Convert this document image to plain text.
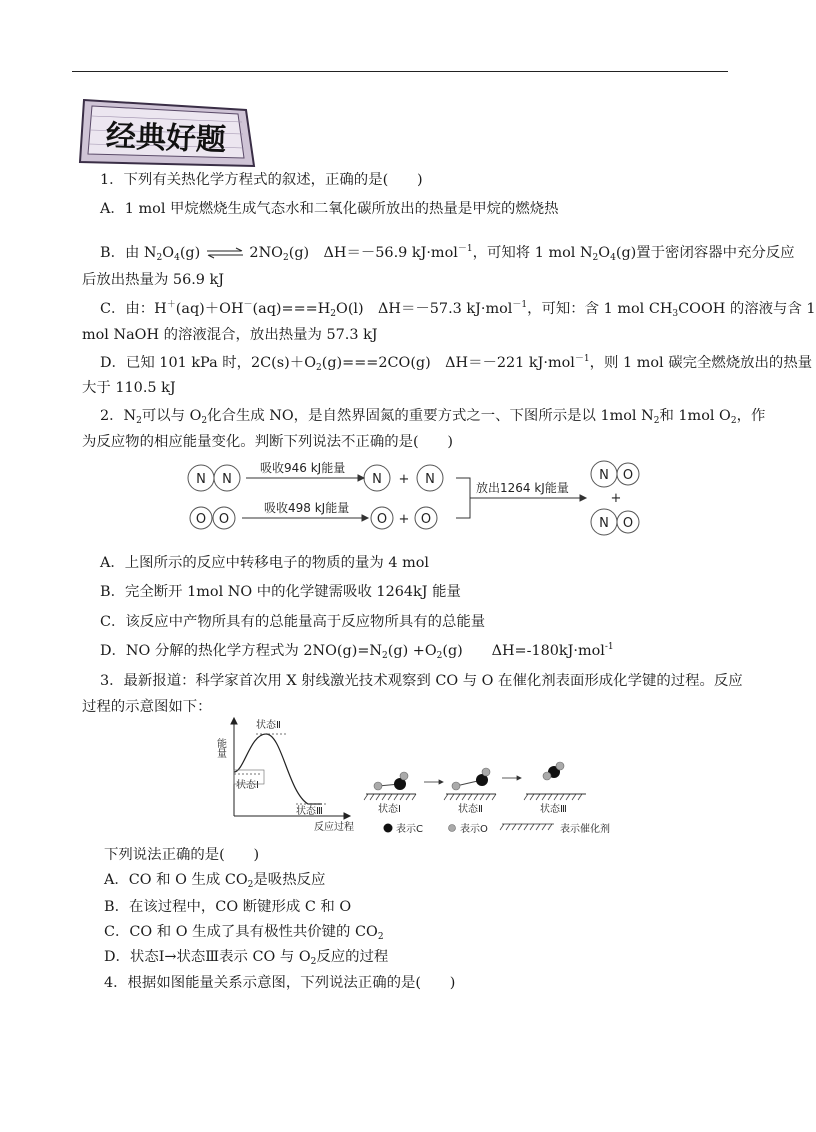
经典好题
1．下列有关热化学方程式的叙述，正确的是(　　)
A．1 mol 甲烷燃烧生成气态水和二氧化碳所放出的热量是甲烷的燃烧热
B．由 $N_2O_4(g)$ ⇌ $2NO_2(g)$　ΔH＝－56.9 kJ·mol$^{-1}$，可知将 1 mol $N_2O_4(g)$置于密闭容器中充分反应
后放出热量为 56.9 kJ
C．由：$H^+(aq)+OH^-(aq)===H_2O(l)$　ΔH＝－57.3 kJ·mol$^{-1}$，可知：含 1 mol $CH_3COOH$ 的溶液与含 1
mol NaOH 的溶液混合，放出热量为 57.3 kJ
D．已知 101 kPa 时，$2C(s)+O_2(g)===2CO(g)$　ΔH＝－221 kJ·mol$^{-1}$，则 1 mol 碳完全燃烧放出的热量
大于 110.5 kJ
2．$N_2$可以与 $O_2$化合生成 NO，是自然界固氮的重要方式之一、下图所示是以 1mol $N_2$和 1mol $O_2$，作
为反应物的相应能量变化。判断下列说法不正确的是(　　)
N N
O O
N + N
O + O
N O
+
N O
吸收946 kJ能量
吸收498 kJ能量
放出1264 kJ能量
A．上图所示的反应中转移电子的物质的量为 4 mol
B．完全断开 1mol NO 中的化学键需吸收 1264kJ 能量
C．该反应中产物所具有的总能量高于反应物所具有的总能量
D．NO 分解的热化学方程式为 $2NO(g)=N_2(g) +O_2(g)$　　ΔH=-180kJ·mol$^{-1}$
3．最新报道：科学家首次用 X 射线激光技术观察到 CO 与 O 在催化剂表面形成化学键的过程。反应
过程的示意图如下：
能量
反应过程
状态Ⅱ
状态Ⅰ
状态Ⅲ	状态Ⅰ	状态Ⅱ	状态Ⅲ
表示C	表示O	表示催化剂
下列说法正确的是(　　)
A．CO 和 O 生成 $CO_2$是吸热反应
B．在该过程中，CO 断键形成 C 和 O
C．CO 和 O 生成了具有极性共价键的 $CO_2$
D．状态Ⅰ→状态Ⅲ表示 CO 与 $O_2$反应的过程
4．根据如图能量关系示意图，下列说法正确的是(　　)
